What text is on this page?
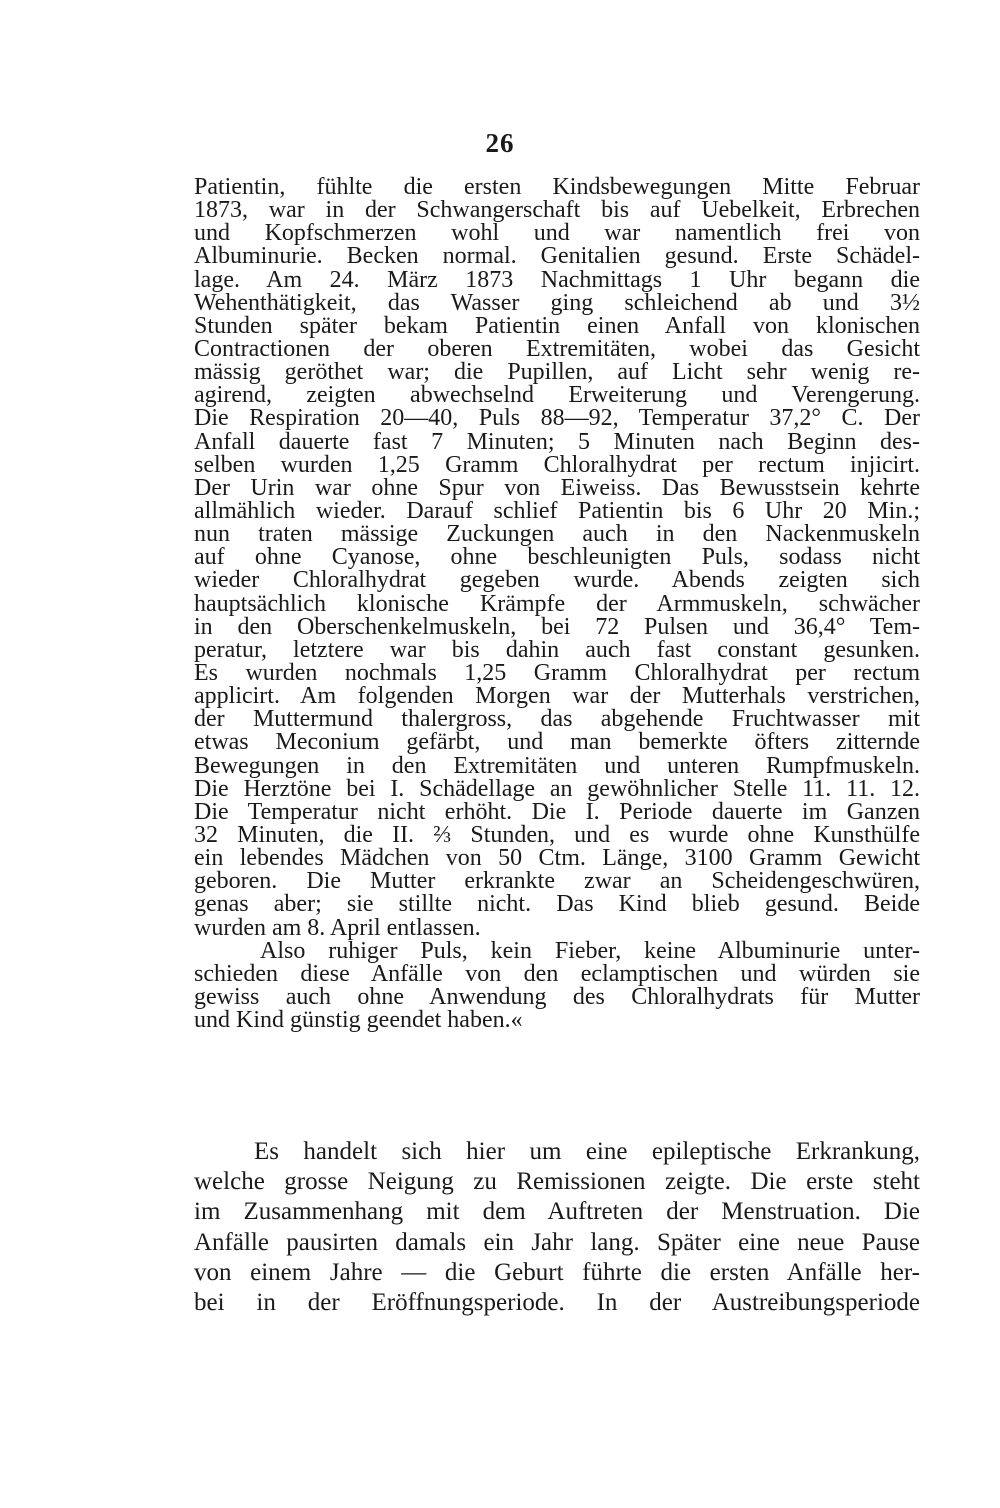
26
Patientin, fühlte die ersten Kindsbewegungen Mitte Februar
1873, war in der Schwangerschaft bis auf Uebelkeit, Erbrechen
und Kopfschmerzen wohl und war namentlich frei von
Albuminurie. Becken normal. Genitalien gesund. Erste Schädel-
lage. Am 24. März 1873 Nachmittags 1 Uhr begann die
Wehenthätigkeit, das Wasser ging schleichend ab und 3½
Stunden später bekam Patientin einen Anfall von klonischen
Contractionen der oberen Extremitäten, wobei das Gesicht
mässig geröthet war; die Pupillen, auf Licht sehr wenig re-
agirend, zeigten abwechselnd Erweiterung und Verengerung.
Die Respiration 20—40, Puls 88—92, Temperatur 37,2° C. Der
Anfall dauerte fast 7 Minuten; 5 Minuten nach Beginn des-
selben wurden 1,25 Gramm Chloralhydrat per rectum injicirt.
Der Urin war ohne Spur von Eiweiss. Das Bewusstsein kehrte
allmählich wieder. Darauf schlief Patientin bis 6 Uhr 20 Min.;
nun traten mässige Zuckungen auch in den Nackenmuskeln
auf ohne Cyanose, ohne beschleunigten Puls, sodass nicht
wieder Chloralhydrat gegeben wurde. Abends zeigten sich
hauptsächlich klonische Krämpfe der Armmuskeln, schwächer
in den Oberschenkelmuskeln, bei 72 Pulsen und 36,4° Tem-
peratur, letztere war bis dahin auch fast constant gesunken.
Es wurden nochmals 1,25 Gramm Chloralhydrat per rectum
applicirt. Am folgenden Morgen war der Mutterhals verstrichen,
der Muttermund thalergross, das abgehende Fruchtwasser mit
etwas Meconium gefärbt, und man bemerkte öfters zitternde
Bewegungen in den Extremitäten und unteren Rumpfmuskeln.
Die Herztöne bei I. Schädellage an gewöhnlicher Stelle 11. 11. 12.
Die Temperatur nicht erhöht. Die I. Periode dauerte im Ganzen
32 Minuten, die II. ⅔ Stunden, und es wurde ohne Kunsthülfe
ein lebendes Mädchen von 50 Ctm. Länge, 3100 Gramm Gewicht
geboren. Die Mutter erkrankte zwar an Scheidengeschwüren,
genas aber; sie stillte nicht. Das Kind blieb gesund. Beide
wurden am 8. April entlassen.
Also ruhiger Puls, kein Fieber, keine Albuminurie unter-
schieden diese Anfälle von den eclamptischen und würden sie
gewiss auch ohne Anwendung des Chloralhydrats für Mutter
und Kind günstig geendet haben.«
Es handelt sich hier um eine epileptische Erkrankung,
welche grosse Neigung zu Remissionen zeigte. Die erste steht
im Zusammenhang mit dem Auftreten der Menstruation. Die
Anfälle pausirten damals ein Jahr lang. Später eine neue Pause
von einem Jahre — die Geburt führte die ersten Anfälle her-
bei in der Eröffnungsperiode. In der Austreibungsperiode
